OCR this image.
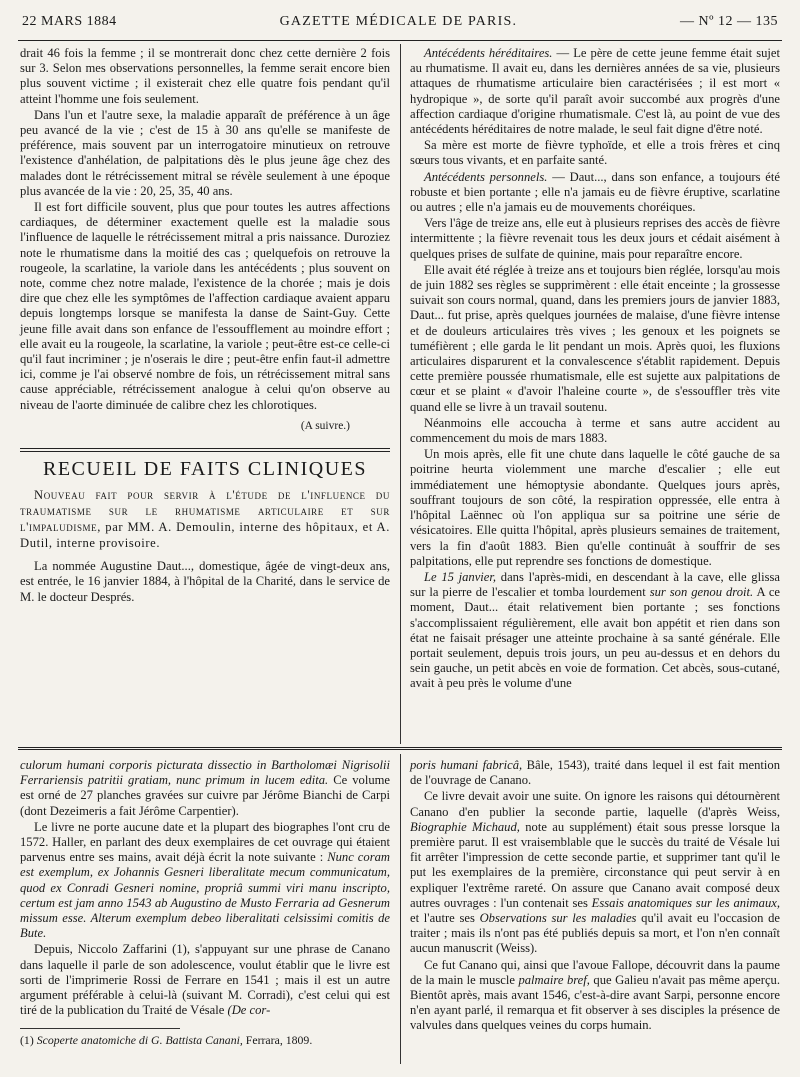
22 MARS 1884	GAZETTE MÉDICALE DE PARIS.	— Nº 12 — 135

drait 46 fois la femme ; il se montrerait donc chez cette dernière 2 fois sur 3. Selon mes observations personnelles, la femme serait encore bien plus souvent victime ; il existerait chez elle quatre fois pendant qu'il atteint l'homme une fois seulement.

Dans l'un et l'autre sexe, la maladie apparaît de préférence à un âge peu avancé de la vie ; c'est de 15 à 30 ans qu'elle se manifeste de préférence, mais souvent par un interrogatoire minutieux on retrouve l'existence d'anhélation, de palpitations dès le plus jeune âge chez des malades dont le rétrécissement mitral se révèle seulement à une époque plus avancée de la vie : 20, 25, 35, 40 ans.

Il est fort difficile souvent, plus que pour toutes les autres affections cardiaques, de déterminer exactement quelle est la maladie sous l'influence de laquelle le rétrécissement mitral a pris naissance. Duroziez note le rhumatisme dans la moitié des cas ; quelquefois on retrouve la rougeole, la scarlatine, la variole dans les antécédents ; plus souvent on note, comme chez notre malade, l'existence de la chorée ; mais je dois dire que chez elle les symptômes de l'affection cardiaque avaient apparu depuis longtemps lorsque se manifesta la danse de Saint-Guy. Cette jeune fille avait dans son enfance de l'essoufflement au moindre effort ; elle avait eu la rougeole, la scarlatine, la variole ; peut-être est-ce celle-ci qu'il faut incriminer ; je n'oserais le dire ; peut-être enfin faut-il admettre ici, comme je l'ai observé nombre de fois, un rétrécissement mitral sans cause appréciable, rétrécissement analogue à celui qu'on observe au niveau de l'aorte diminuée de calibre chez les chlorotiques.

(A suivre.)
RECUEIL DE FAITS CLINIQUES

Nouveau fait pour servir à l'étude de l'influence du traumatisme sur le rhumatisme articulaire et sur l'impaludisme, par MM. A. Demoulin, interne des hôpitaux, et A. Dutil, interne provisoire.

La nommée Augustine Daut..., domestique, âgée de vingt-deux ans, est entrée, le 16 janvier 1884, à l'hôpital de la Charité, dans le service de M. le docteur Després.

Antécédents héréditaires. — Le père de cette jeune femme était sujet au rhumatisme. Il avait eu, dans les dernières années de sa vie, plusieurs attaques de rhumatisme articulaire bien caractérisées ; il est mort « hydropique », de sorte qu'il paraît avoir succombé aux progrès d'une affection cardiaque d'origine rhumatismale. C'est là, au point de vue des antécédents héréditaires de notre malade, le seul fait digne d'être noté.

Sa mère est morte de fièvre typhoïde, et elle a trois frères et cinq sœurs tous vivants, et en parfaite santé.

Antécédents personnels. — Daut..., dans son enfance, a toujours été robuste et bien portante ; elle n'a jamais eu de fièvre éruptive, scarlatine ou autres ; elle n'a jamais eu de mouvements choréiques.

Vers l'âge de treize ans, elle eut à plusieurs reprises des accès de fièvre intermittente ; la fièvre revenait tous les deux jours et cédait aisément à quelques prises de sulfate de quinine, mais pour reparaître encore.

Elle avait été réglée à treize ans et toujours bien réglée, lorsqu'au mois de juin 1882 ses règles se supprimèrent : elle était enceinte ; la grossesse suivait son cours normal, quand, dans les premiers jours de janvier 1883, Daut... fut prise, après quelques journées de malaise, d'une fièvre intense et de douleurs articulaires très vives ; les genoux et les poignets se tuméfièrent ; elle garda le lit pendant un mois. Après quoi, les fluxions articulaires disparurent et la convalescence s'établit rapidement. Depuis cette première poussée rhumatismale, elle est sujette aux palpitations de cœur et se plaint « d'avoir l'haleine courte », de s'essouffler très vite quand elle se livre à un travail soutenu.

Néanmoins elle accoucha à terme et sans autre accident au commencement du mois de mars 1883.

Un mois après, elle fit une chute dans laquelle le côté gauche de sa poitrine heurta violemment une marche d'escalier ; elle eut immédiatement une hémoptysie abondante. Quelques jours après, souffrant toujours de son côté, la respiration oppressée, elle entra à l'hôpital Laënnec où l'on appliqua sur sa poitrine une série de vésicatoires. Elle quitta l'hôpital, après plusieurs semaines de traitement, vers la fin d'août 1883. Bien qu'elle continuât à souffrir de ses palpitations, elle put reprendre ses fonctions de domestique.

Le 15 janvier, dans l'après-midi, en descendant à la cave, elle glissa sur la pierre de l'escalier et tomba lourdement sur son genou droit. A ce moment, Daut... était relativement bien portante ; ses fonctions s'accomplissaient régulièrement, elle avait bon appétit et rien dans son état ne faisait présager une atteinte prochaine à sa santé générale. Elle portait seulement, depuis trois jours, un peu au-dessus et en dehors du sein gauche, un petit abcès en voie de formation. Cet abcès, sous-cutané, avait à peu près le volume d'une

culorum humani corporis picturata dissectio in Bartholomæi Nigrisolii Ferrariensis patritii gratiam, nunc primum in lucem edita. Ce volume est orné de 27 planches gravées sur cuivre par Jérôme Bianchi de Carpi (dont Dezeimeris a fait Jérôme Carpentier).

Le livre ne porte aucune date et la plupart des biographes l'ont cru de 1572. Haller, en parlant des deux exemplaires de cet ouvrage qui étaient parvenus entre ses mains, avait déjà écrit la note suivante : Nunc coram est exemplum, ex Johannis Gesneri liberalitate mecum communicatum, quod ex Conradi Gesneri nomine, propriâ summi viri manu inscripto, certum est jam anno 1543 ab Augustino de Musto Ferraria ad Gesnerum missum esse. Alterum exemplum debeo liberalitati celsissimi comitis de Bute.

Depuis, Niccolo Zaffarini (1), s'appuyant sur une phrase de Canano dans laquelle il parle de son adolescence, voulut établir que le livre est sorti de l'imprimerie Rossi de Ferrare en 1541 ; mais il est un autre argument préférable à celui-là (suivant M. Corradi), c'est celui qui est tiré de la publication du Traité de Vésale (De cor-

(1) Scoperte anatomiche di G. Battista Canani, Ferrara, 1809.

poris humani fabricâ, Bâle, 1543), traité dans lequel il est fait mention de l'ouvrage de Canano.

Ce livre devait avoir une suite. On ignore les raisons qui détournèrent Canano d'en publier la seconde partie, laquelle (d'après Weiss, Biographie Michaud, note au supplément) était sous presse lorsque la première parut. Il est vraisemblable que le succès du traité de Vésale lui fit arrêter l'impression de cette seconde partie, et supprimer tant qu'il le put les exemplaires de la première, circonstance qui peut servir à en expliquer l'extrême rareté. On assure que Canano avait composé deux autres ouvrages : l'un contenait ses Essais anatomiques sur les animaux, et l'autre ses Observations sur les maladies qu'il avait eu l'occasion de traiter ; mais ils n'ont pas été publiés depuis sa mort, et l'on n'en connaît aucun manuscrit (Weiss).

Ce fut Canano qui, ainsi que l'avoue Fallope, découvrit dans la paume de la main le muscle palmaire bref, que Galieu n'avait pas même aperçu. Bientôt après, mais avant 1546, c'est-à-dire avant Sarpi, personne encore n'en ayant parlé, il remarqua et fit observer à ses disciples la présence de valvules dans quelques veines du corps humain.
